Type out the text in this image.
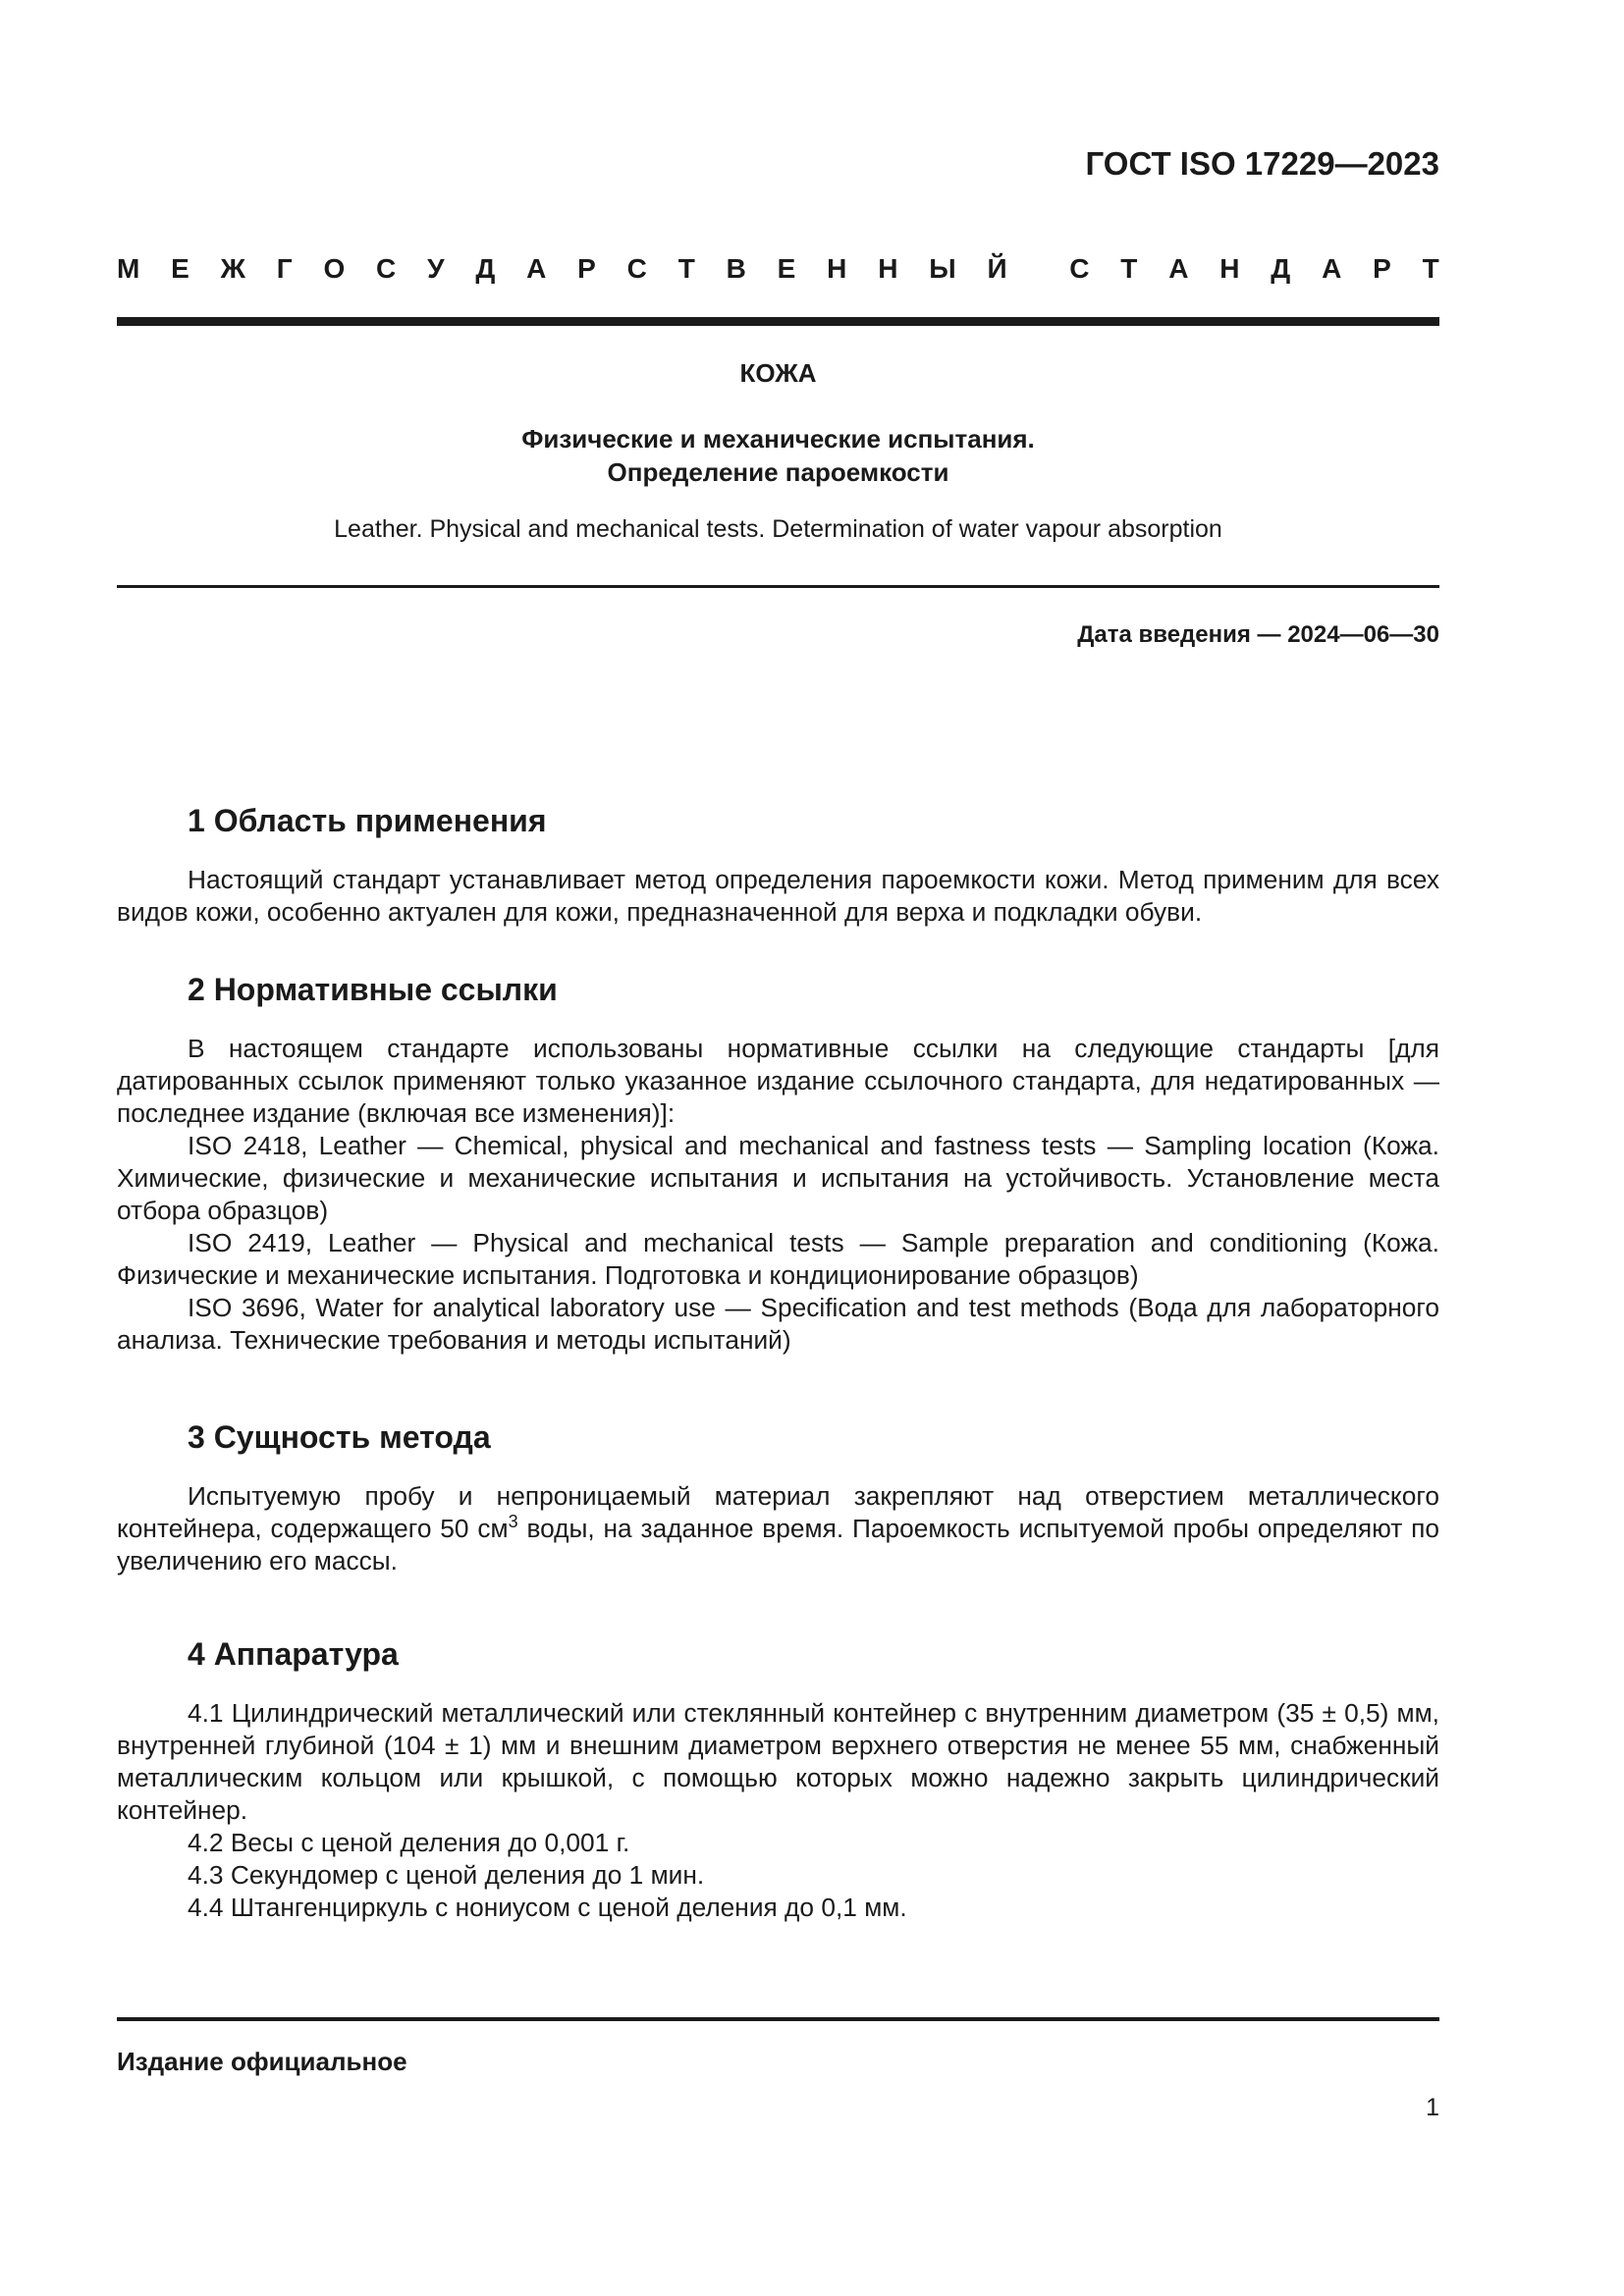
ГОСТ ISO 17229—2023
М Е Ж Г О С У Д А Р С Т В Е Н Н Ы Й С Т А Н Д А Р Т
КОЖА
Физические и механические испытания.
Определение пароемкости
Leather. Physical and mechanical tests. Determination of water vapour absorption
Дата введения — 2024—06—30
1 Область применения

Настоящий стандарт устанавливает метод определения пароемкости кожи. Метод применим для всех видов кожи, особенно актуален для кожи, предназначенной для верха и подкладки обуви.

2 Нормативные ссылки

В настоящем стандарте использованы нормативные ссылки на следующие стандарты [для датированных ссылок применяют только указанное издание ссылочного стандарта, для недатированных — последнее издание (включая все изменения)]:

ISO 2418, Leather — Chemical, physical and mechanical and fastness tests — Sampling location (Кожа. Химические, физические и механические испытания и испытания на устойчивость. Установление места отбора образцов)

ISO 2419, Leather — Physical and mechanical tests — Sample preparation and conditioning (Кожа. Физические и механические испытания. Подготовка и кондиционирование образцов)

ISO 3696, Water for analytical laboratory use — Specification and test methods (Вода для лабораторного анализа. Технические требования и методы испытаний)

3 Сущность метода

Испытуемую пробу и непроницаемый материал закрепляют над отверстием металлического контейнера, содержащего 50 $см^3$ воды, на заданное время. Пароемкость испытуемой пробы определяют по увеличению его массы.

4 Аппаратура

4.1 Цилиндрический металлический или стеклянный контейнер с внутренним диаметром (35 ± 0,5) мм, внутренней глубиной (104 ± 1) мм и внешним диаметром верхнего отверстия не менее 55 мм, снабженный металлическим кольцом или крышкой, с помощью которых можно надежно закрыть цилиндрический контейнер.

4.2 Весы с ценой деления до 0,001 г.

4.3 Секундомер с ценой деления до 1 мин.

4.4 Штангенциркуль с нониусом с ценой деления до 0,1 мм.

Издание официальное
1
